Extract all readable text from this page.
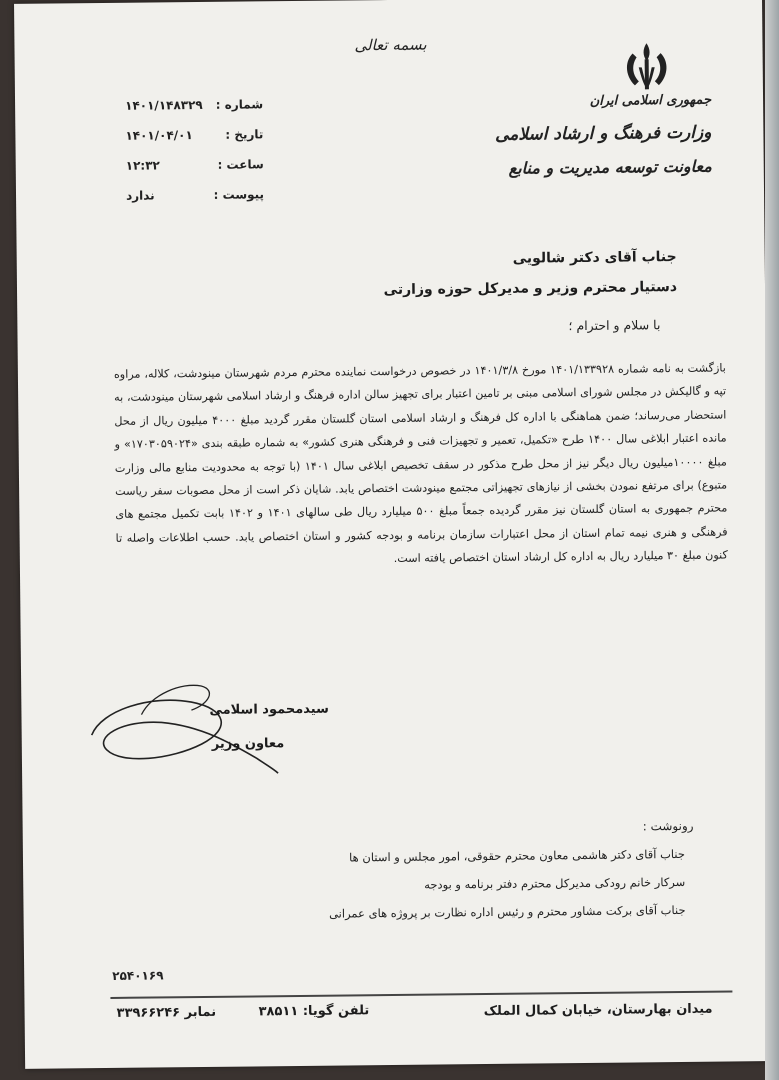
بسمه تعالی
جمهوری اسلامی ایران
وزارت فرهنگ و ارشاد اسلامی
معاونت توسعه مدیریت و منابع
شماره :
۱۴۰۱/۱۴۸۳۲۹
تاریخ :
۱۴۰۱/۰۴/۰۱
ساعت :
۱۲:۳۲
پیوست :
ندارد
جناب آقای دکتر شالویی
دستیار محترم وزیر و مدیرکل حوزه وزارتی
با سلام و احترام ؛
بازگشت به نامه شماره ۱۴۰۱/۱۳۳۹۲۸ مورخ ۱۴۰۱/۳/۸ در خصوص درخواست نماینده محترم مردم شهرستان مینودشت، کلاله، مراوه تپه و گالیکش در مجلس شورای اسلامی مبنی بر تامین اعتبار برای تجهیز سالن اداره فرهنگ و ارشاد اسلامی شهرستان مینودشت، به استحضار می‌رساند؛ ضمن هماهنگی با اداره کل فرهنگ و ارشاد اسلامی استان گلستان مقرر گردید مبلغ ۴۰۰۰ میلیون ریال از محل مانده اعتبار ابلاغی سال ۱۴۰۰ طرح «تکمیل، تعمیر و تجهیزات فنی و فرهنگی هنری کشور» به شماره طبقه بندی «۱۷۰۳۰۵۹۰۲۴» و مبلغ ۱۰۰۰۰میلیون ریال دیگر نیز از محل طرح مذکور در سقف تخصیص ابلاغی سال ۱۴۰۱ (با توجه به محدودیت منابع مالی وزارت متبوع) برای مرتفع نمودن بخشی از نیازهای تجهیزاتی مجتمع مینودشت اختصاص یابد. شایان ذکر است از محل مصوبات سفر ریاست محترم جمهوری به استان گلستان نیز مقرر گردیده جمعاً مبلغ ۵۰۰ میلیارد ریال طی سالهای ۱۴۰۱ و ۱۴۰۲ بابت تکمیل مجتمع های فرهنگی و هنری نیمه تمام استان از محل اعتبارات سازمان برنامه و بودجه کشور و استان اختصاص یابد. حسب اطلاعات واصله تا کنون مبلغ ۳۰ میلیارد ریال به اداره کل ارشاد استان اختصاص یافته است.
سیدمحمود اسلامی
معاون وزیر
رونوشت :
جناب آقای دکتر هاشمی معاون محترم حقوقی، امور مجلس و استان ها
سرکار خانم رودکی مدیرکل محترم دفتر برنامه و بودجه
جناب آقای برکت مشاور محترم و رئیس اداره نظارت بر پروژه های عمرانی
۲۵۴۰۱۶۹
میدان بهارستان، خیابان کمال الملک
تلفن گویا: ۳۸۵۱۱
نمابر ۳۳۹۶۶۲۴۶
